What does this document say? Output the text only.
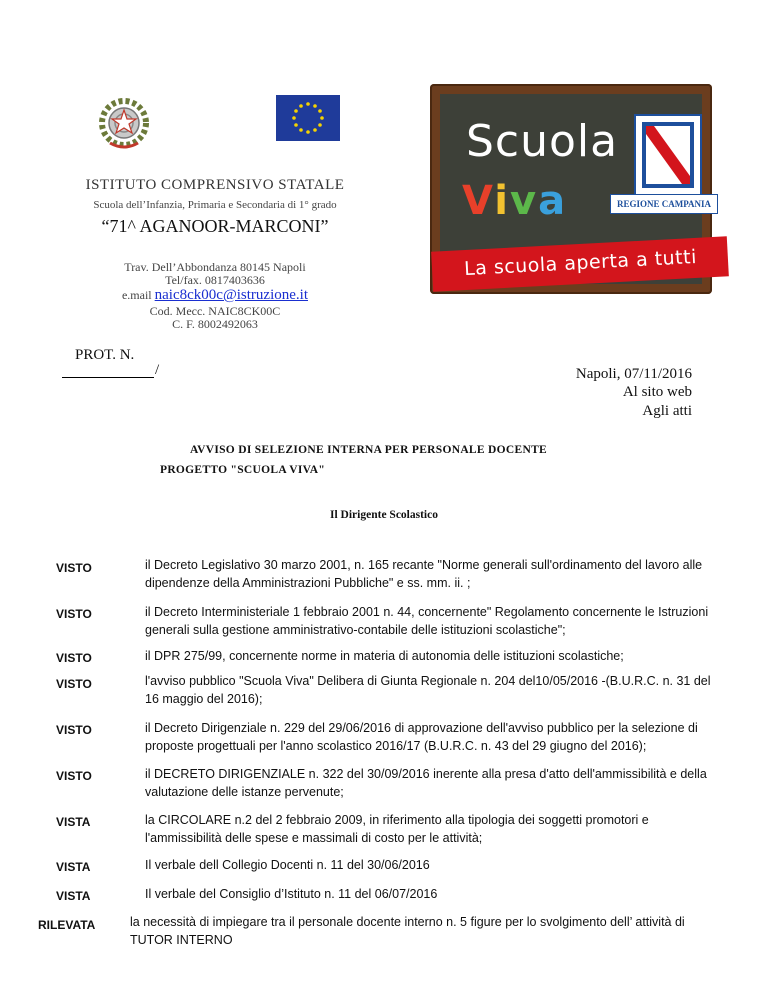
Scuola
Viva	REGIONE CAMPANIA
La scuola aperta a tutti
ISTITUTO COMPRENSIVO STATALE
Scuola dell’Infanzia, Primaria e Secondaria di 1° grado
“71^ AGANOOR-MARCONI”
Trav. Dell’Abbondanza 80145 Napoli
Tel/fax. 0817403636
e.mail naic8ck00c@istruzione.it
Cod. Mecc. NAIC8CK00C
C. F. 8002492063
PROT. N.
/	Napoli, 07/11/2016
Al sito web
Agli atti
AVVISO DI SELEZIONE INTERNA PER PERSONALE DOCENTE
PROGETTO "SCUOLA VIVA"
Il Dirigente Scolastico
VISTO	il Decreto Legislativo 30 marzo 2001, n. 165 recante "Norme generali sull'ordinamento del lavoro alle dipendenze della Amministrazioni Pubbliche" e ss. mm. ii. ;
VISTO	il Decreto Interministeriale 1 febbraio 2001 n. 44, concernente" Regolamento concernente le Istruzioni generali sulla gestione amministrativo-contabile delle istituzioni scolastiche";
VISTO	il DPR 275/99, concernente norme in materia di autonomia delle istituzioni scolastiche;
VISTO	l'avviso pubblico "Scuola Viva" Delibera di Giunta Regionale n. 204 del10/05/2016 -(B.U.R.C. n. 31 del 16 maggio del 2016);
VISTO	il Decreto Dirigenziale n. 229 del 29/06/2016 di approvazione dell'avviso pubblico per la selezione di proposte progettuali per l'anno scolastico 2016/17 (B.U.R.C. n. 43 del 29 giugno del 2016);
VISTO	il DECRETO DIRIGENZIALE n. 322 del 30/09/2016 inerente alla presa d'atto dell'ammissibilità e della valutazione delle istanze pervenute;
VISTA	la CIRCOLARE n.2 del 2 febbraio 2009, in riferimento alla tipologia dei soggetti promotori e l'ammissibilità delle spese e massimali di costo per le attività;
VISTA	Il verbale dell Collegio Docenti n. 11 del 30/06/2016
VISTA	Il verbale del Consiglio d’Istituto n. 11 del 06/07/2016
RILEVATA	la necessità di impiegare tra il personale docente interno n. 5 figure per lo svolgimento dell’ attività di TUTOR INTERNO
